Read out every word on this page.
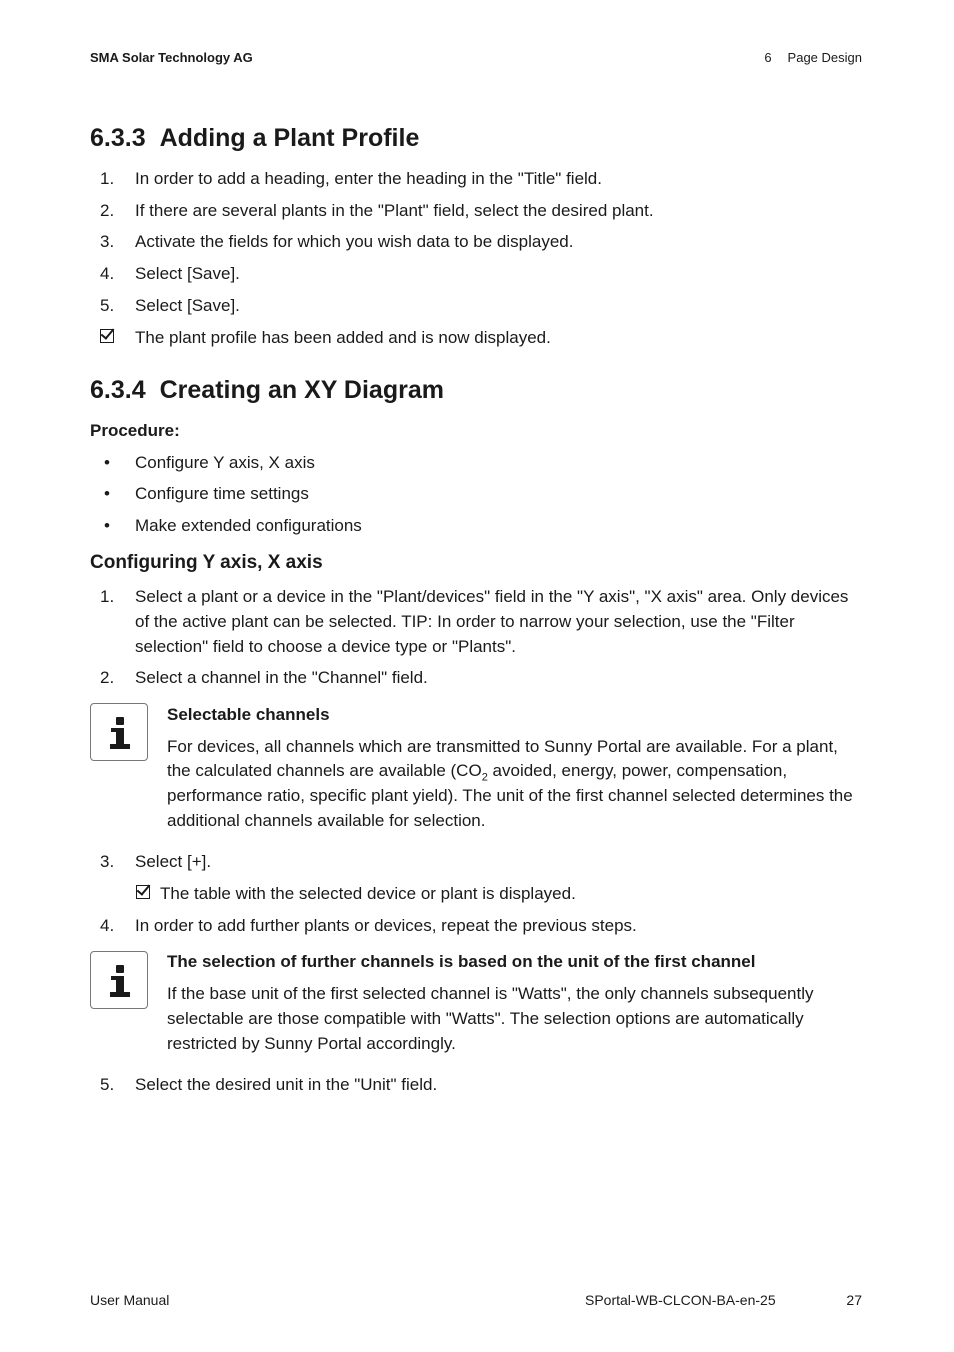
SMA Solar Technology AG	6 Page Design
6.3.3 Adding a Plant Profile
1. In order to add a heading, enter the heading in the "Title" field.
2. If there are several plants in the "Plant" field, select the desired plant.
3. Activate the fields for which you wish data to be displayed.
4. Select [Save].
5. Select [Save].
The plant profile has been added and is now displayed.
6.3.4 Creating an XY Diagram
Procedure:
• Configure Y axis, X axis
• Configure time settings
• Make extended configurations
Configuring Y axis, X axis
1. Select a plant or a device in the "Plant/devices" field in the "Y axis", "X axis" area. Only devices
of the active plant can be selected. TIP: In order to narrow your selection, use the "Filter
selection" field to choose a device type or "Plants".
2. Select a channel in the "Channel" field.
Selectable channels
For devices, all channels which are transmitted to Sunny Portal are available. For a plant,
the calculated channels are available ($CO_2$ avoided, energy, power, compensation,
performance ratio, specific plant yield). The unit of the first channel selected determines the
additional channels available for selection.
3. Select [+].
The table with the selected device or plant is displayed.
4. In order to add further plants or devices, repeat the previous steps.
The selection of further channels is based on the unit of the first channel
If the base unit of the first selected channel is "Watts", the only channels subsequently
selectable are those compatible with "Watts". The selection options are automatically
restricted by Sunny Portal accordingly.
5. Select the desired unit in the "Unit" field.
User Manual	SPortal-WB-CLCON-BA-en-25	27
